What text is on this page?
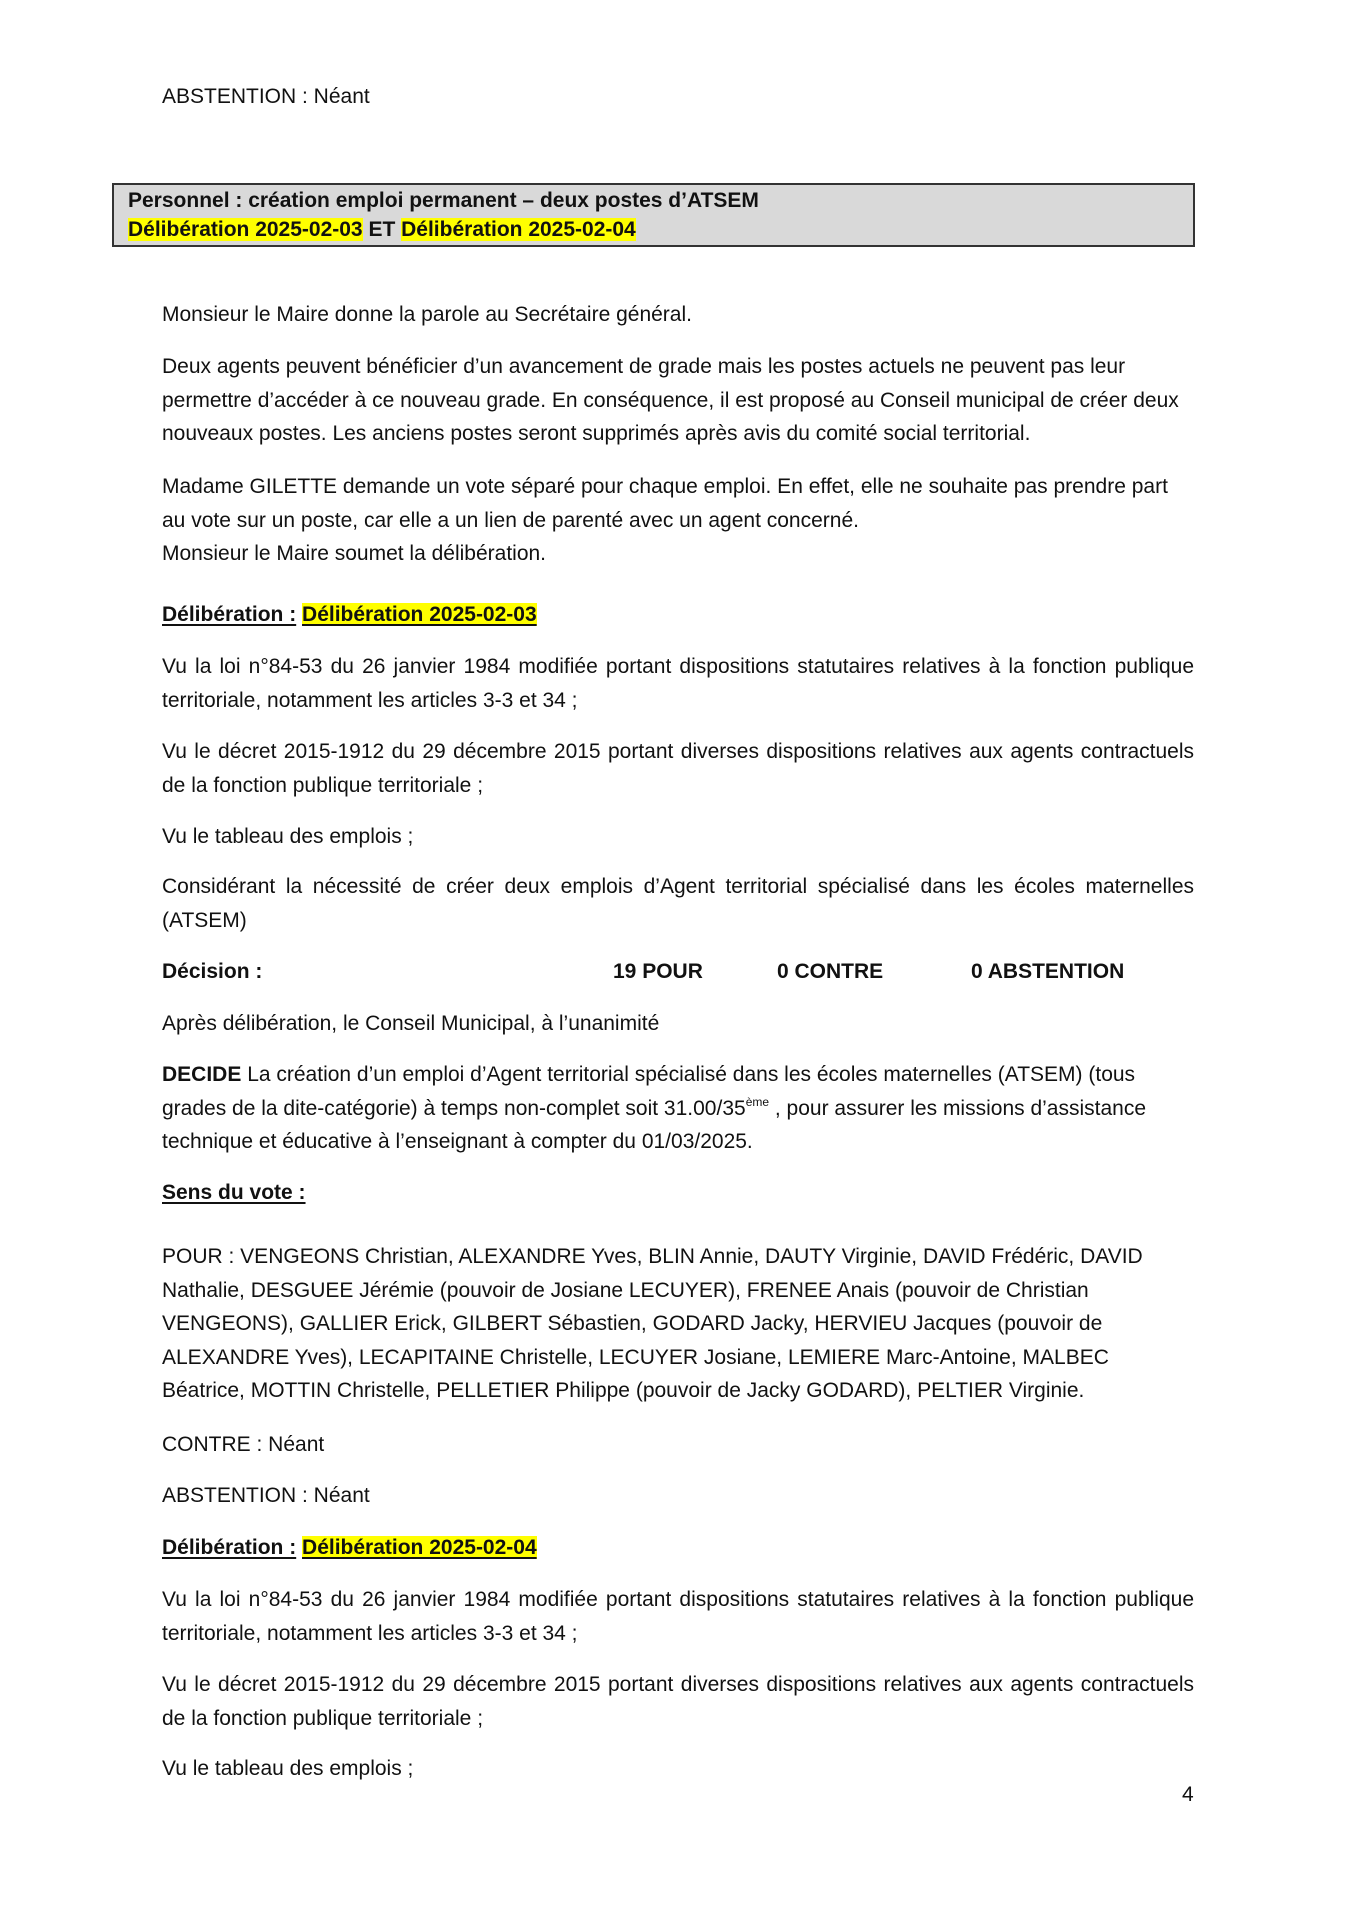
ABSTENTION : Néant

Personnel : création emploi permanent – deux postes d’ATSEM
Délibération 2025-02-03 ET Délibération 2025-02-04

Monsieur le Maire donne la parole au Secrétaire général.

Deux agents peuvent bénéficier d’un avancement de grade mais les postes actuels ne peuvent pas leur permettre d’accéder à ce nouveau grade. En conséquence, il est proposé au Conseil municipal de créer deux nouveaux postes. Les anciens postes seront supprimés après avis du comité social territorial.

Madame GILETTE demande un vote séparé pour chaque emploi. En effet, elle ne souhaite pas prendre part au vote sur un poste, car elle a un lien de parenté avec un agent concerné.

Monsieur le Maire soumet la délibération.

Délibération : Délibération 2025-02-03

Vu la loi n°84-53 du 26 janvier 1984 modifiée portant dispositions statutaires relatives à la fonction publique territoriale, notamment les articles 3-3 et 34 ;

Vu le décret 2015-1912 du 29 décembre 2015 portant diverses dispositions relatives aux agents contractuels de la fonction publique territoriale ;

Vu le tableau des emplois ;

Considérant la nécessité de créer deux emplois d’Agent territorial spécialisé dans les écoles maternelles (ATSEM)

Décision :	19 POUR	0 CONTRE	0 ABSTENTION

Après délibération, le Conseil Municipal, à l’unanimité

DECIDE La création d’un emploi d’Agent territorial spécialisé dans les écoles maternelles (ATSEM) (tous grades de la dite-catégorie) à temps non-complet soit 31.00/35ème , pour assurer les missions d’assistance technique et éducative à l’enseignant à compter du 01/03/2025.

Sens du vote :

POUR : VENGEONS Christian, ALEXANDRE Yves, BLIN Annie, DAUTY Virginie, DAVID Frédéric, DAVID Nathalie, DESGUEE Jérémie (pouvoir de Josiane LECUYER), FRENEE Anais (pouvoir de Christian VENGEONS), GALLIER Erick, GILBERT Sébastien, GODARD Jacky, HERVIEU Jacques (pouvoir de ALEXANDRE Yves), LECAPITAINE Christelle, LECUYER Josiane, LEMIERE Marc-Antoine, MALBEC Béatrice, MOTTIN Christelle, PELLETIER Philippe (pouvoir de Jacky GODARD), PELTIER Virginie.

CONTRE : Néant

ABSTENTION : Néant

Délibération : Délibération 2025-02-04

Vu la loi n°84-53 du 26 janvier 1984 modifiée portant dispositions statutaires relatives à la fonction publique territoriale, notamment les articles 3-3 et 34 ;

Vu le décret 2015-1912 du 29 décembre 2015 portant diverses dispositions relatives aux agents contractuels de la fonction publique territoriale ;

Vu le tableau des emplois ;

4
